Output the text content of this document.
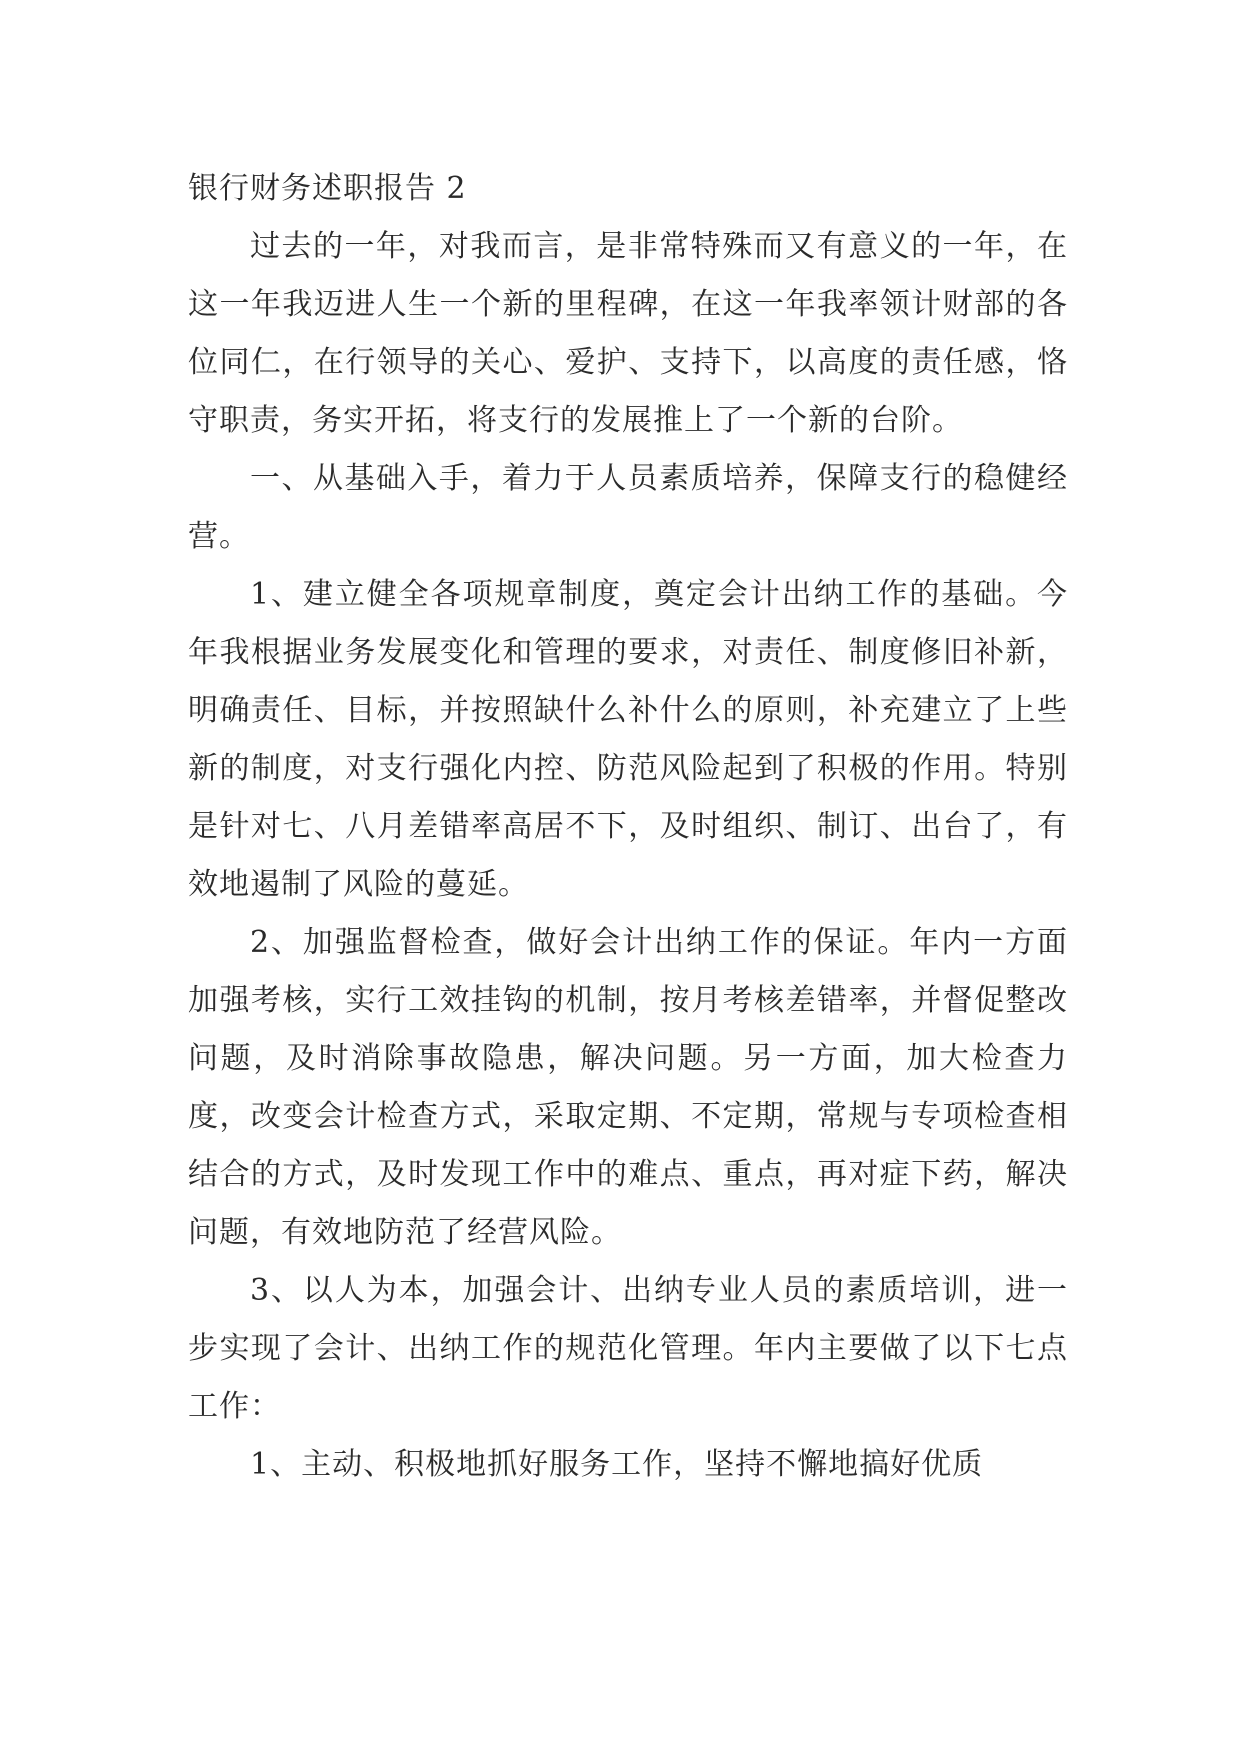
银行财务述职报告 2

过去的一年，对我而言，是非常特殊而又有意义的一年，在这一年我迈进人生一个新的里程碑，在这一年我率领计财部的各位同仁，在行领导的关心、爱护、支持下，以高度的责任感，恪守职责，务实开拓，将支行的发展推上了一个新的台阶。

一、从基础入手，着力于人员素质培养，保障支行的稳健经营。

1、建立健全各项规章制度，奠定会计出纳工作的基础。今年我根据业务发展变化和管理的要求，对责任、制度修旧补新，明确责任、目标，并按照缺什么补什么的原则，补充建立了上些新的制度，对支行强化内控、防范风险起到了积极的作用。特别是针对七、八月差错率高居不下，及时组织、制订、出台了，有效地遏制了风险的蔓延。

2、加强监督检查，做好会计出纳工作的保证。年内一方面加强考核，实行工效挂钩的机制，按月考核差错率，并督促整改问题，及时消除事故隐患，解决问题。另一方面，加大检查力度，改变会计检查方式，采取定期、不定期，常规与专项检查相结合的方式，及时发现工作中的难点、重点，再对症下药，解决问题，有效地防范了经营风险。

3、以人为本，加强会计、出纳专业人员的素质培训，进一步实现了会计、出纳工作的规范化管理。年内主要做了以下七点工作：

1、主动、积极地抓好服务工作，坚持不懈地搞好优质
